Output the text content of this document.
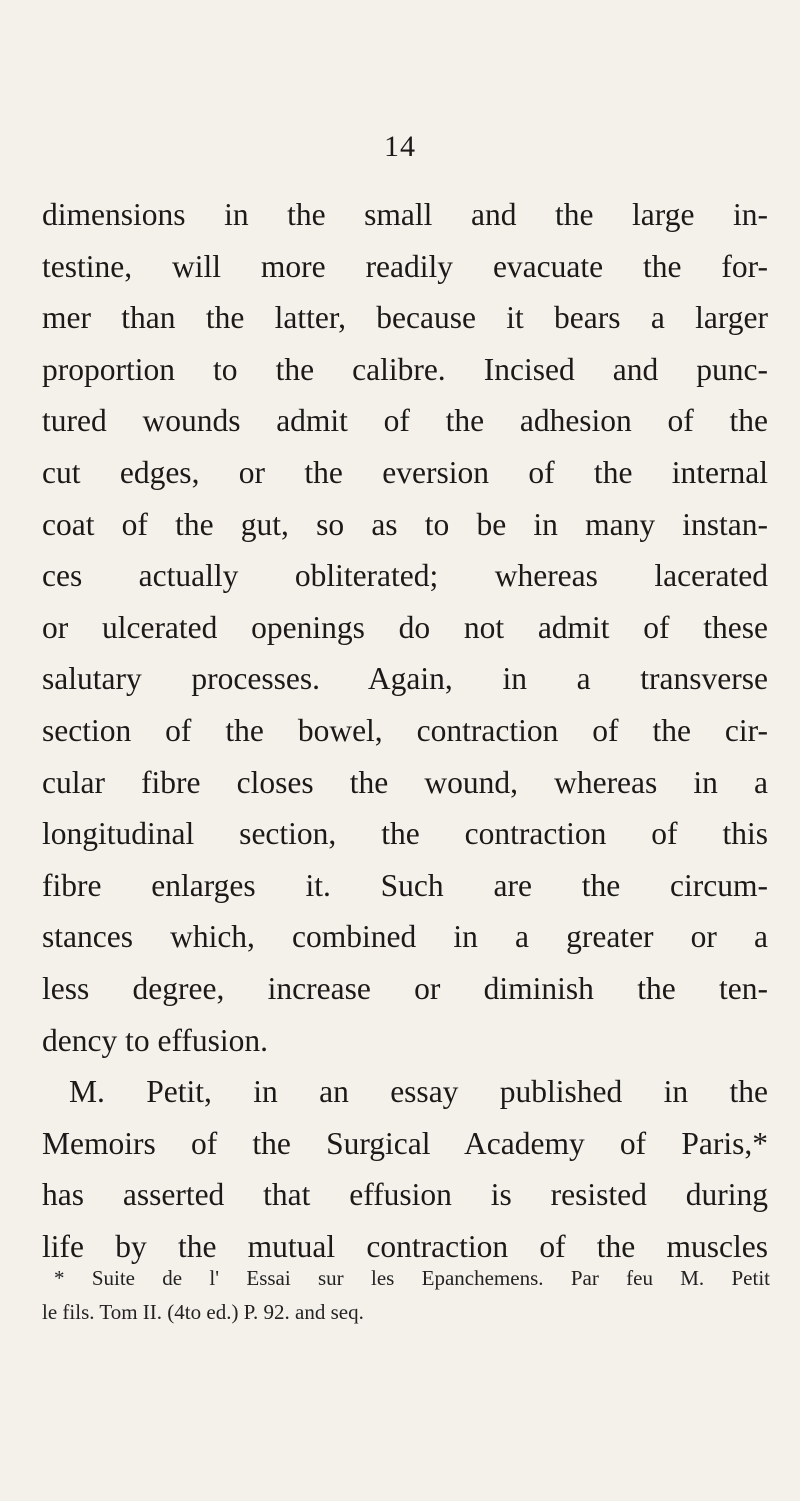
14
dimensions in the small and the large in-
testine, will more readily evacuate the for-
mer than the latter, because it bears a larger
proportion to the calibre. Incised and punc-
tured wounds admit of the adhesion of the
cut edges, or the eversion of the internal
coat of the gut, so as to be in many instan-
ces actually obliterated; whereas lacerated
or ulcerated openings do not admit of these
salutary processes. Again, in a transverse
section of the bowel, contraction of the cir-
cular fibre closes the wound, whereas in a
longitudinal section, the contraction of this
fibre enlarges it. Such are the circum-
stances which, combined in a greater or a
less degree, increase or diminish the ten-
dency to effusion.
M. Petit, in an essay published in the
Memoirs of the Surgical Academy of Paris,*
has asserted that effusion is resisted during
life by the mutual contraction of the muscles
* Suite de l' Essai sur les Epanchemens. Par feu M. Petit
le fils. Tom II. (4to ed.) P. 92. and seq.
